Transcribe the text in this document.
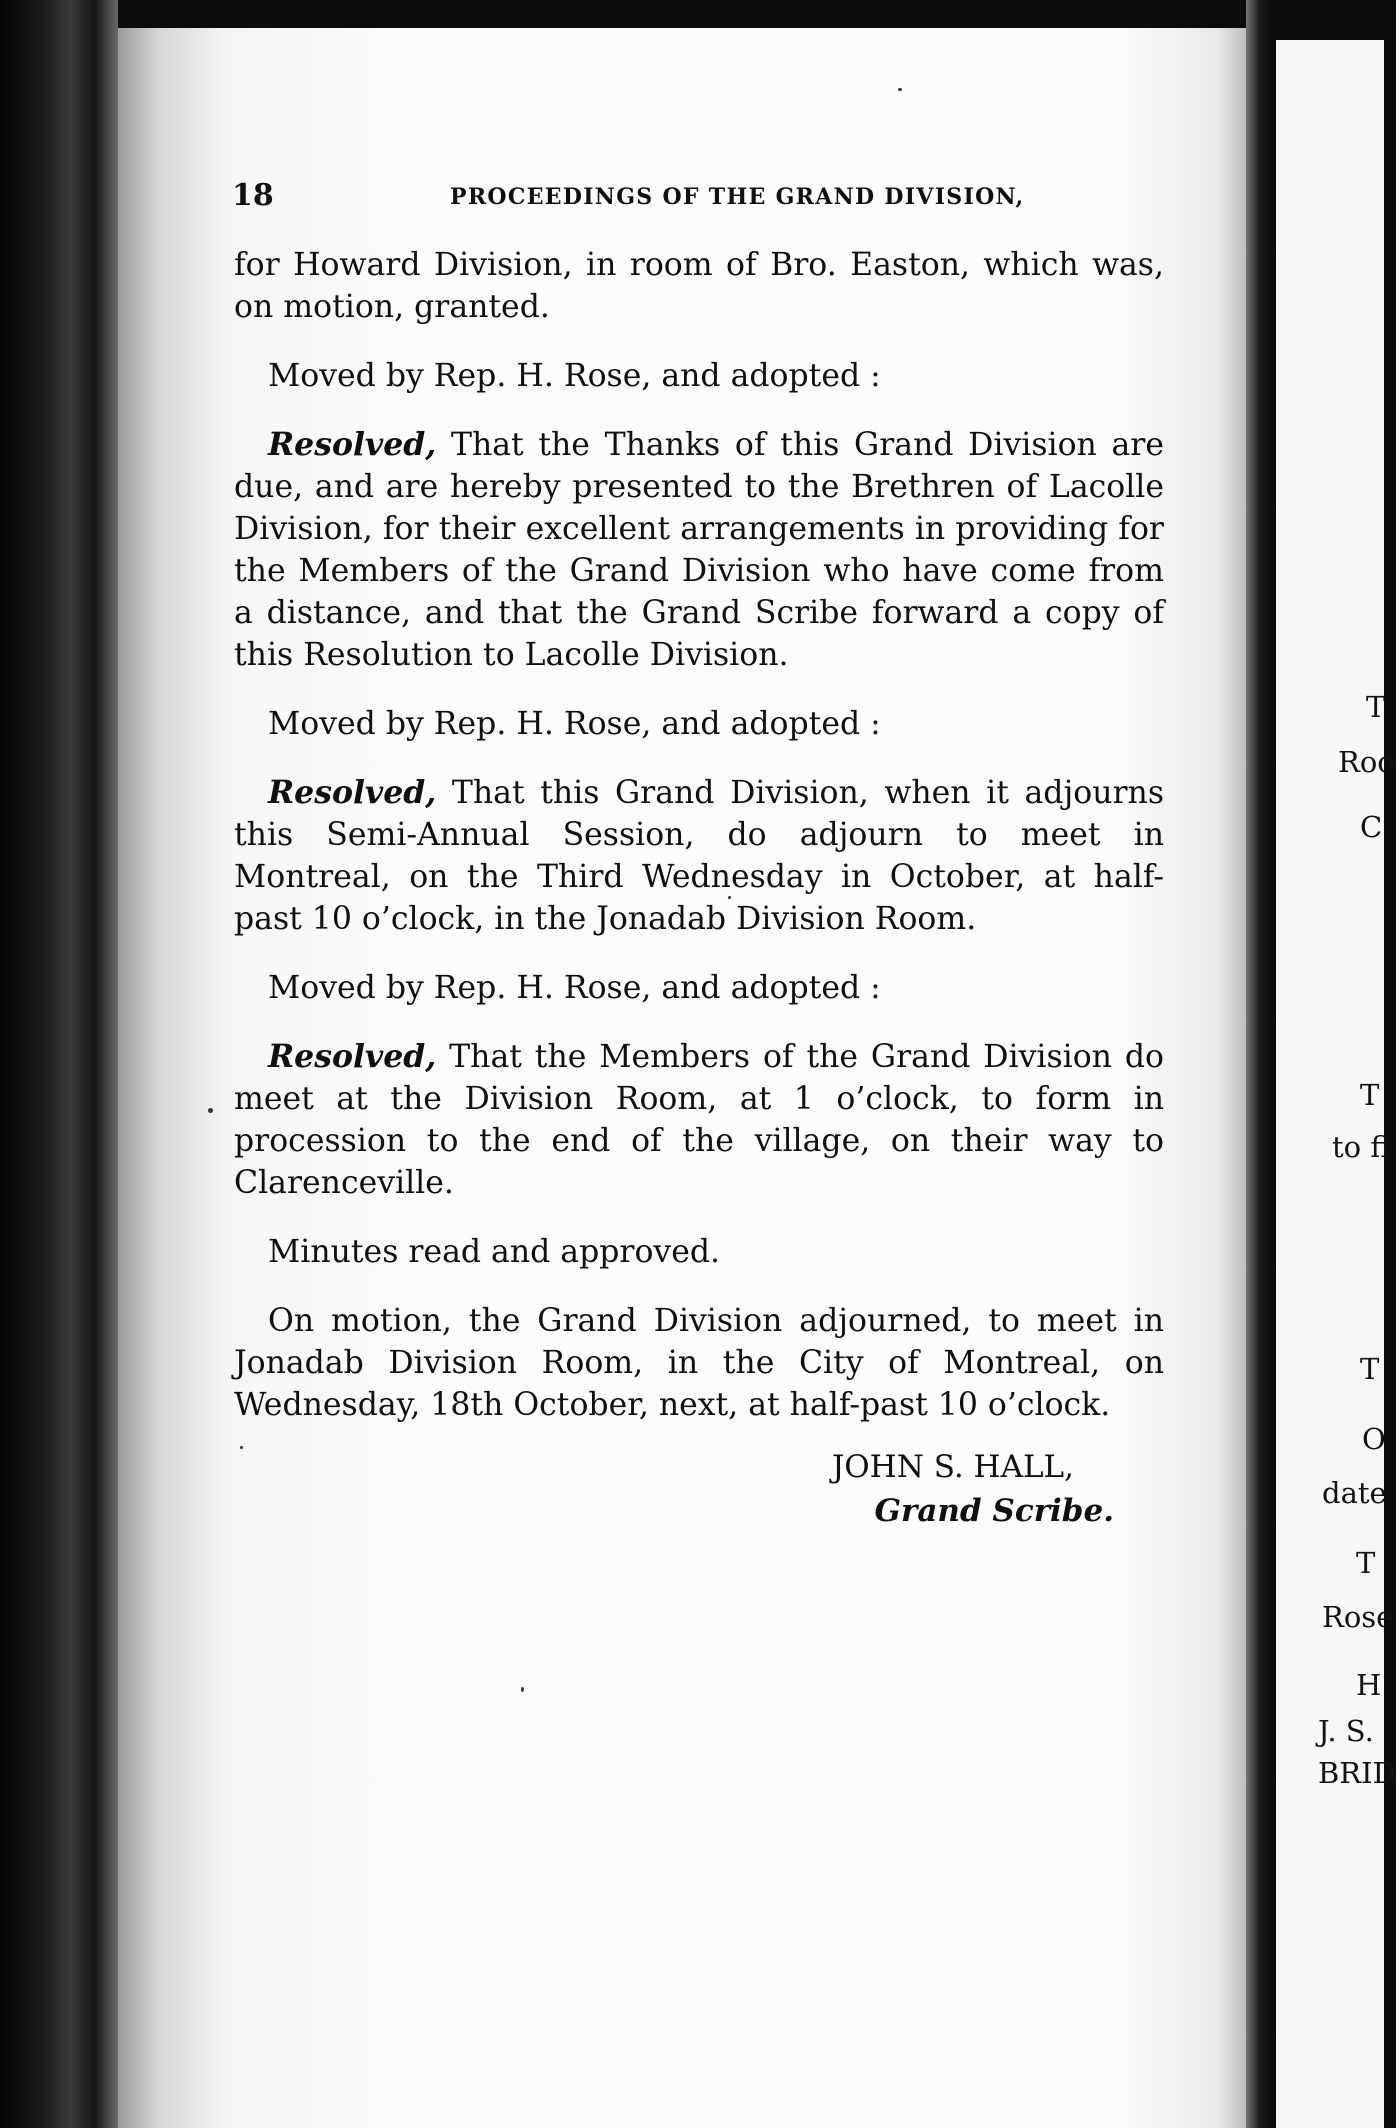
18	PROCEEDINGS OF THE GRAND DIVISION,

for Howard Division, in room of Bro. Easton, which was, on motion, granted.

Moved by Rep. H. Rose, and adopted :

Resolved, That the Thanks of this Grand Division are due, and are hereby presented to the Brethren of Lacolle Division, for their excellent arrangements in providing for the Members of the Grand Division who have come from a distance, and that the Grand Scribe forward a copy of this Resolution to Lacolle Division.

Moved by Rep. H. Rose, and adopted :

Resolved, That this Grand Division, when it adjourns this Semi-Annual Session, do adjourn to meet in Montreal, on the Third Wednesday in October, at half-past 10 o’clock, in the Jonadab Division Room.

Moved by Rep. H. Rose, and adopted :

Resolved, That the Members of the Grand Division do meet at the Division Room, at 1 o’clock, to form in procession to the end of the village, on their way to Clarenceville.

Minutes read and approved.

On motion, the Grand Division adjourned, to meet in Jonadab Division Room, in the City of Montreal, on Wednesday, 18th October, next, at half-past 10 o’clock.

JOHN S. HALL,
Grand Scribe.
T
Roo
C
T
to fi
T
O
date
T
Rose
H
J. S.
BRID
